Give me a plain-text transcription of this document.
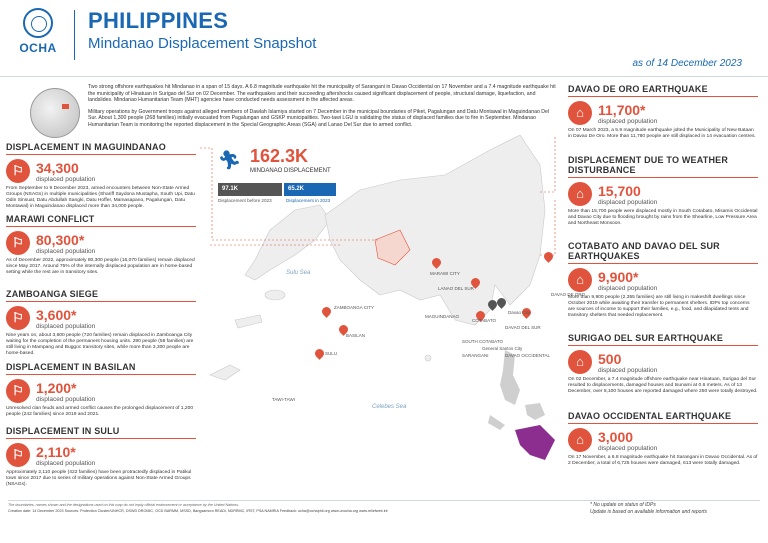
OCHA
PHILIPPINES
Mindanao Displacement Snapshot
as of 14 December 2023

Two strong offshore earthquakes hit Mindanao in a span of 15 days. A 6.8 magnitude earthquake hit the municipality of Sarangani in Davao Occidental on 17 November and a 7.4 magnitude earthquake hit the municipality of Hinatuan in Surigao del Sur on 02 December. The earthquakes and their succeeding aftershocks caused significant displacement of people, structural damage, liquefaction, and landslides. Mindanao Humanitarian Team (MHT) agencies have conducted needs assessment in the affected areas.

Military operations by Government troops against alleged members of Dawlah Islamiya started on 7 December in the municipal boundaries of Piket, Pagalungan and Datu Montawal in Maguindanao Del Sur. About 1,300 people (268 families) initially evacuated from Pagalungan and GSKP municipalities. Two-tawi LGU is validating the status of displaced families due to fire in September. Mindanao Humanitarian Team is monitoring the reported displacement in the Special Geographic Areas (SGA) and Lanao Del Sur due to armed conflict.

Sulu Sea
Celebes Sea
ZAMBOANGA CITY
BASILAN
SULU
TAWI-TAWI
MARAWI CITY
LANAO DEL SUR
MAGUINDANAO
COTABATO
SOUTH COTABATO
DAVAO DEL SUR
DAVAO DE ORO
Davao City
General Santos City
SARANGANI	DAVAO OCCIDENTAL
🏃︎ 162.3K
MINDANAO DISPLACEMENT
97.1K	65.2K
Displacement before 2023	Displacement in 2023
DISPLACEMENT IN MAGUINDANAO
⚐ 34,300
displaced population
From September to 9 December 2023, armed encounters between Non-State Armed Groups (NSAGs) in multiple municipalities (Shariff Saydona Mustapha, South Upi, Datu Odin Sinsuat, Datu Abdullah Sangki, Datu Hoffer, Mamasapano, Pagalungan, Datu Montawal) in Maguindanao displaced more than 34,000 people.
MARAWI CONFLICT
⚐ 80,300*
displaced population
As of December 2022, approximately 80,300 people (16,070 families) remain displaced since May 2017. Around 75% of the internally displaced population are in home-based setting while the rest are in transitory sites.
ZAMBOANGA SIEGE
⚐ 3,600*
displaced population
Nine years on, about 3,600 people (720 families) remain displaced in Zamboanga City waiting for the completion of the permanent housing units. 290 people (58 families) are still living in Mampang and Buggoc transitory sites, while more than 3,300 people are home-based.
DISPLACEMENT IN BASILAN
⚐ 1,200*
displaced population
Unresolved clan feuds and armed conflict causes the prolonged displacement of 1,200 people (242 families) since 2019 and 2021.
DISPLACEMENT IN SULU
⚐ 2,110*
displaced population
Approximately 2,110 people (422 families) have been protractedly displaced in Patikul town since 2017 due to series of military operations against Non-State Armed Groups (NSAGs).
DAVAO DE ORO EARTHQUAKE
⌂	11,700*
displaced population
On 07 March 2023, a 5.9 magnitude earthquake jolted the Municipality of New Bataan in Davao De Oro. More than 11,780 people are still displaced in 14 evacuation centres.
DISPLACEMENT DUE TO WEATHER DISTURBANCE
⌂	15,700
displaced population
More than 15,700 people were displaced mostly in South Cotabato, Misamis Occidental and Davao City due to flooding brought by rains from the Shearline, Low Pressure Area and Northeast Monsoon.
COTABATO AND DAVAO DEL SUR EARTHQUAKES
⌂	9,900*
displaced population
More than 9,900 people (2,355 families) are still living in makeshift dwellings since October 2019 while awaiting their transfer to permanent shelters. IDPs top concerns are sources of income to support their families, e.g., food, and dilapidated tents and transitory shelters that needed replacement.
SURIGAO DEL SUR EARTHQUAKE
⌂	500
displaced population
On 02 December, a 7.4 magnitude offshore earthquake near Hinatuan, Surigao del Sur resulted to displacements, damaged houses and tsunami at 0.6 meters. As of 13 December, over 8,100 houses are reported damaged where 250 were totally destroyed.
DAVAO OCCIDENTAL EARTHQUAKE
⌂	3,000
displaced population
On 17 November, a 6.8 magnitude earthquake hit Sarangani in Davao Occidental. As of 2 December, a total of 6,725 houses were damaged, 613 were totally damaged.
The boundaries, names shown and the designations used on this map do not imply official endorsement or acceptance by the United Nations.
Creation date: 14 December 2023 Sources: Protection Cluster/UNHCR, DSWD DROMIC, OCD BARMM, MSSD, Bangsamoro READi, NDRRMC, IRST, PSA NAMRIA Feedback: ocha@ochaphil.org www.unocha.org www.reliefweb.int
* No update on status of IDPs
Update is based on available information and reports
